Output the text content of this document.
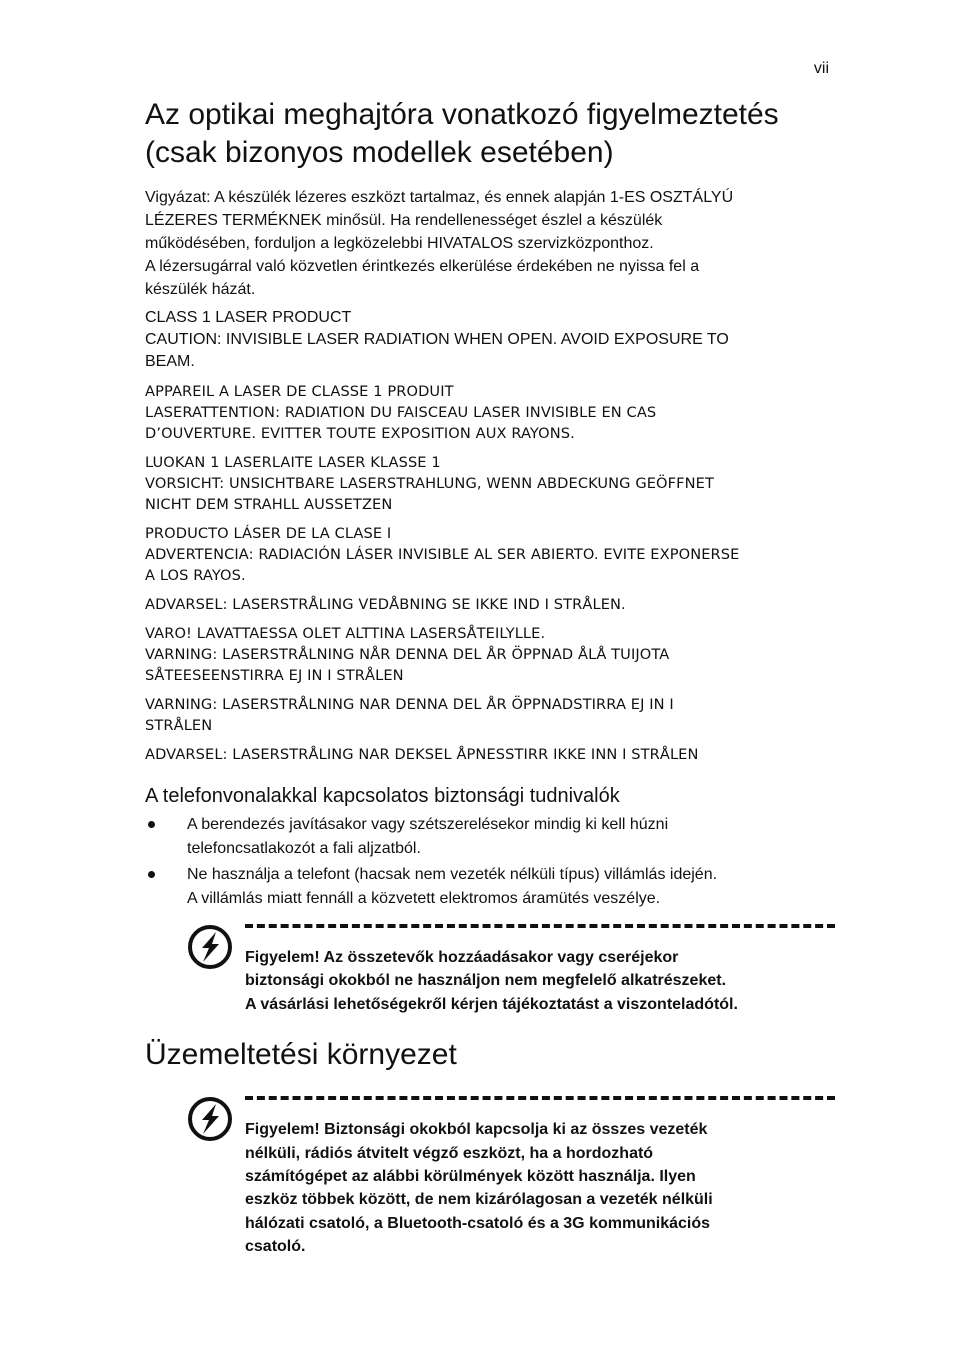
vii
Az optikai meghajtóra vonatkozó figyelmeztetés
(csak bizonyos modellek esetében)
Vigyázat: A készülék lézeres eszközt tartalmaz, és ennek alapján 1-ES OSZTÁLYÚ
LÉZERES TERMÉKNEK minősül. Ha rendellenességet észlel a készülék
működésében, forduljon a legközelebbi HIVATALOS szervizközponthoz.
A lézersugárral való közvetlen érintkezés elkerülése érdekében ne nyissa fel a
készülék házát.
CLASS 1 LASER PRODUCT
CAUTION: INVISIBLE LASER RADIATION WHEN OPEN. AVOID EXPOSURE TO
BEAM.
APPAREIL A LASER DE CLASSE 1 PRODUIT
LASERATTENTION: RADIATION DU FAISCEAU LASER INVISIBLE EN CAS
D’OUVERTURE. EVITTER TOUTE EXPOSITION AUX RAYONS.
LUOKAN 1 LASERLAITE LASER KLASSE 1
VORSICHT: UNSICHTBARE LASERSTRAHLUNG, WENN ABDECKUNG GEÖFFNET
NICHT DEM STRAHLL AUSSETZEN
PRODUCTO LÁSER DE LA CLASE I
ADVERTENCIA: RADIACIÓN LÁSER INVISIBLE AL SER ABIERTO. EVITE EXPONERSE
A LOS RAYOS.
ADVARSEL: LASERSTRÅLING VEDÅBNING SE IKKE IND I STRÅLEN.
VARO! LAVATTAESSA OLET ALTTINA LASERSÅTEILYLLE.
VARNING: LASERSTRÅLNING NÅR DENNA DEL ÅR ÖPPNAD ÅLÅ TUIJOTA
SÅTEESEENSTIRRA EJ IN I STRÅLEN
VARNING: LASERSTRÅLNING NAR DENNA DEL ÅR ÖPPNADSTIRRA EJ IN I
STRÅLEN
ADVARSEL: LASERSTRÅLING NAR DEKSEL ÅPNESSTIRR IKKE INN I STRÅLEN
A telefonvonalakkal kapcsolatos biztonsági tudnivalók
A berendezés javításakor vagy szétszerelésekor mindig ki kell húzni
telefoncsatlakozót a fali aljzatból.
Ne használja a telefont (hacsak nem vezeték nélküli típus) villámlás idején.
A villámlás miatt fennáll a közvetett elektromos áramütés veszélye.
Figyelem! Az összetevők hozzáadásakor vagy cseréjekor
biztonsági okokból ne használjon nem megfelelő alkatrészeket.
A vásárlási lehetőségekről kérjen tájékoztatást a viszonteladótól.
Üzemeltetési környezet
Figyelem! Biztonsági okokból kapcsolja ki az összes vezeték
nélküli, rádiós átvitelt végző eszközt, ha a hordozható
számítógépet az alábbi körülmények között használja. Ilyen
eszköz többek között, de nem kizárólagosan a vezeték nélküli
hálózati csatoló, a Bluetooth-csatoló és a 3G kommunikációs
csatoló.
